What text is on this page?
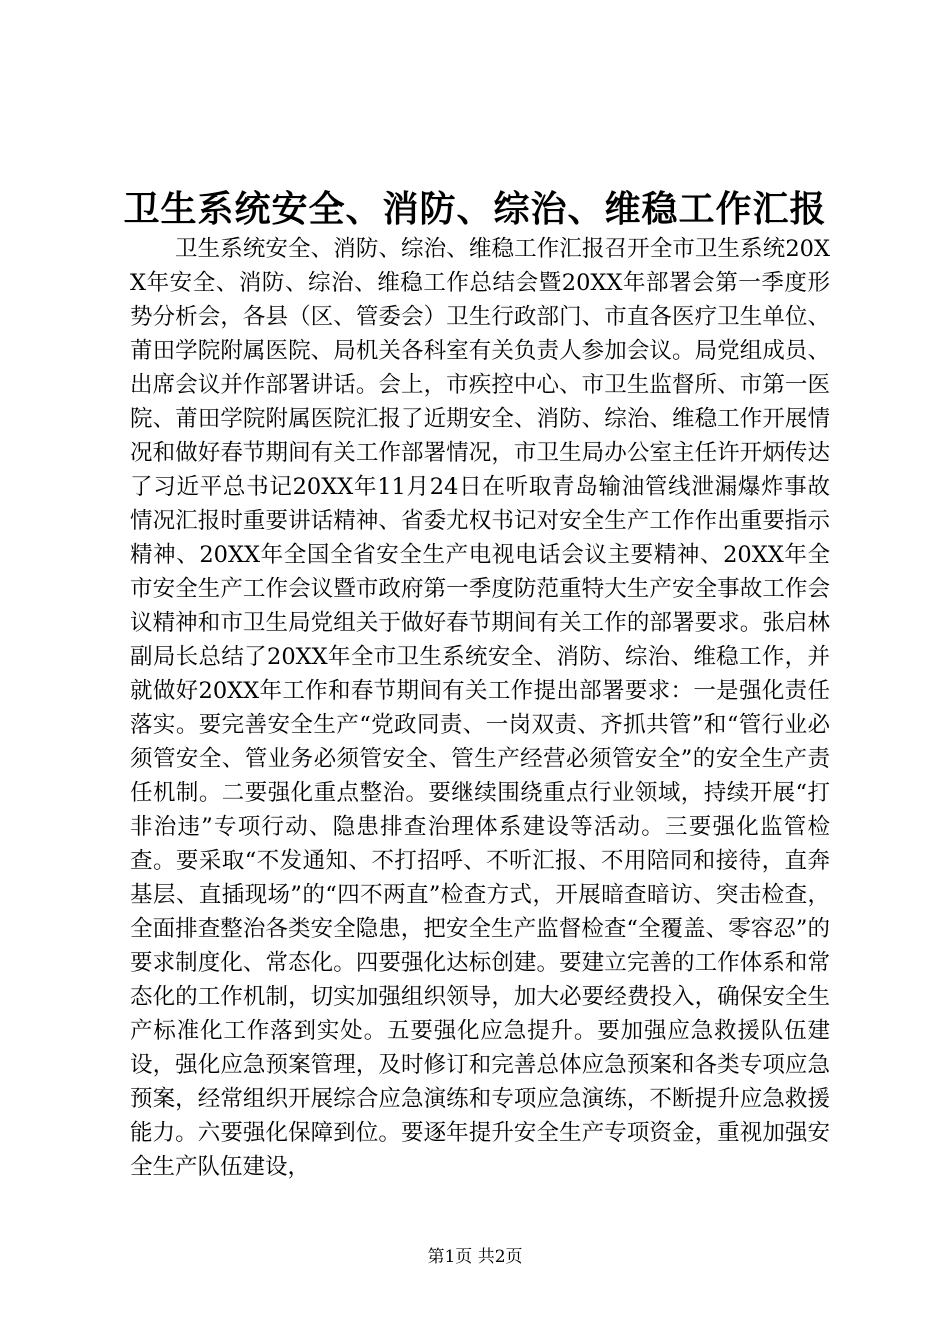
卫生系统安全、消防、综治、维稳工作汇报

卫生系统安全、消防、综治、维稳工作汇报召开全市卫生系统20XX年安全、消防、综治、维稳工作总结会暨20XX年部署会第一季度形势分析会，各县（区、管委会）卫生行政部门、市直各医疗卫生单位、莆田学院附属医院、局机关各科室有关负责人参加会议。局党组成员、出席会议并作部署讲话。会上，市疾控中心、市卫生监督所、市第一医院、莆田学院附属医院汇报了近期安全、消防、综治、维稳工作开展情况和做好春节期间有关工作部署情况，市卫生局办公室主任许开炳传达了习近平总书记20XX年11月24日在听取青岛输油管线泄漏爆炸事故情况汇报时重要讲话精神、省委尤权书记对安全生产工作作出重要指示精神、20XX年全国全省安全生产电视电话会议主要精神、20XX年全市安全生产工作会议暨市政府第一季度防范重特大生产安全事故工作会议精神和市卫生局党组关于做好春节期间有关工作的部署要求。张启林副局长总结了20XX年全市卫生系统安全、消防、综治、维稳工作，并就做好20XX年工作和春节期间有关工作提出部署要求：一是强化责任落实。要完善安全生产“党政同责、一岗双责、齐抓共管”和“管行业必须管安全、管业务必须管安全、管生产经营必须管安全”的安全生产责任机制。二要强化重点整治。要继续围绕重点行业领域，持续开展“打非治违”专项行动、隐患排查治理体系建设等活动。三要强化监管检查。要采取“不发通知、不打招呼、不听汇报、不用陪同和接待，直奔基层、直插现场”的“四不两直”检查方式，开展暗查暗访、突击检查，全面排查整治各类安全隐患，把安全生产监督检查“全覆盖、零容忍”的要求制度化、常态化。四要强化达标创建。要建立完善的工作体系和常态化的工作机制，切实加强组织领导，加大必要经费投入，确保安全生产标准化工作落到实处。五要强化应急提升。要加强应急救援队伍建设，强化应急预案管理，及时修订和完善总体应急预案和各类专项应急预案，经常组织开展综合应急演练和专项应急演练，不断提升应急救援能力。六要强化保障到位。要逐年提升安全生产专项资金，重视加强安全生产队伍建设，

第1页 共2页
